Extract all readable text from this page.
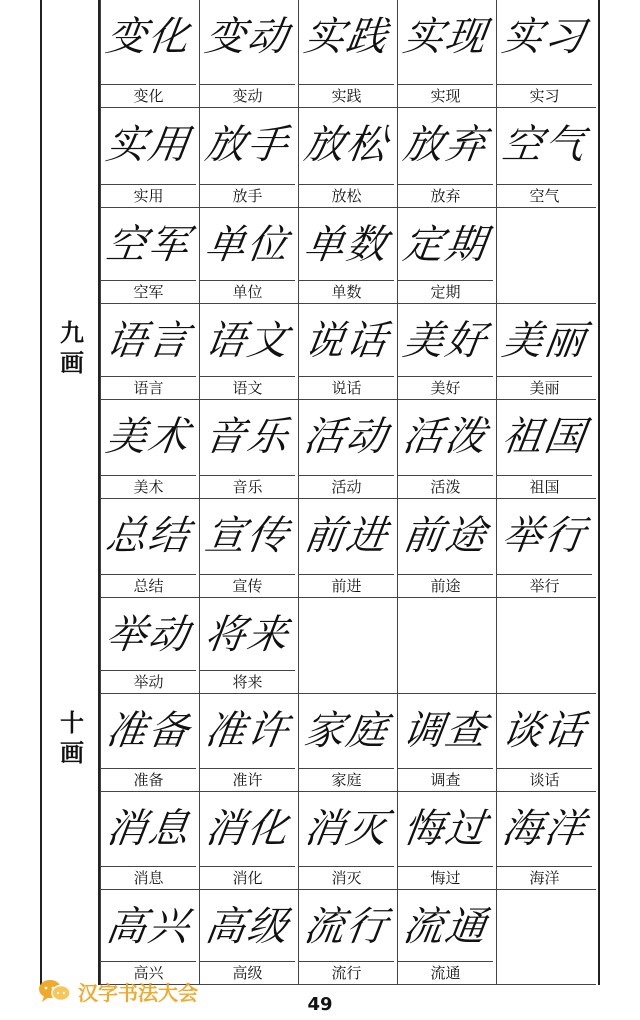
九画
十画
变化
变化
变动
变动
实践
实践
实现
实现
实习
实习
实用
实用
放手
放手
放松
放松
放弃
放弃
空气
空气
空军
空军
单位
单位
单数
单数
定期
定期
语言
语言
语文
语文
说话
说话
美好
美好
美丽
美丽
美术
美术
音乐
音乐
活动
活动
活泼
活泼
祖国
祖国
总结
总结
宣传
宣传
前进
前进
前途
前途
举行
举行
举动
举动
将来
将来
准备
准备
准许
准许
家庭
家庭
调查
调查
谈话
谈话
消息
消息
消化
消化
消灭
消灭
悔过
悔过
海洋
海洋
高兴
高兴
高级
高级
流行
流行
流通
流通
汉字书法大会	49
